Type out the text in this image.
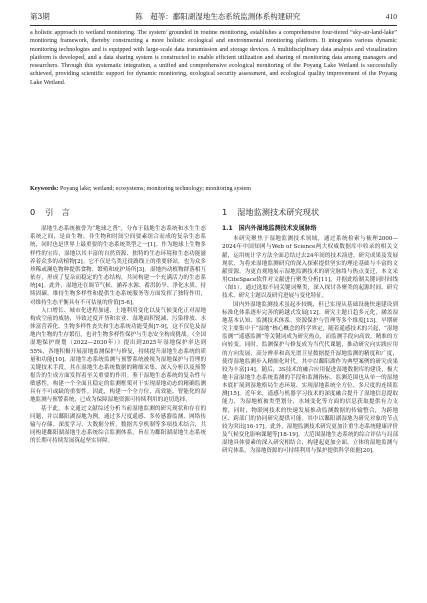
第3期	陈　超等：鄱阳湖湿地生态系统监测体系构建研究	410

a holistic approach to wetland monitoring. The system' grounded in routine monitoring, establishes a comprehensive four-tiered “sky-air-land-lake” monitoring framework, thereby constructing a more holistic ecological and environmental monitoring platform. It integrates various dynamic monitoring technologies and is equipped with large-scale data transmission and storage devices. A multidisciplinary data analysis and visualization platform is developed, and a data sharing system is constructed to enable efficient utilization and sharing of monitoring data among managers and researchers. Through this systematic integration, a unified and comprehensive ecological monitoring of the Poyang Lake Wetland is successfully achieved, providing scientific support for dynamic monitoring, ecological security assessment, and ecological quality improvement of the Poyang Lake Wetland.

Keywords: Poyang lake; wetland; ecosystems; monitoring technology; monitoring system

0 引　言

湿地生态系统被誉为“地球之肾”，分布于陆地生态系统和水生生态系统之间，是由生物、非生物和时间空间要素组合而成的复杂生态系统，同时也是世界上最重要的生态系统类型之一[1]。作为地球上生物多样性的宝库，湿地以其丰富的自然资源、独特的生态环境和生态功能滋养着众多的动植物[2]。它不仅是鸟类迁徙路线上的重要驿站，也为众多珍稀或濒危物种提供食物、繁殖和庇护场所[3]。湿地内动植物群落相互依存，形成了复杂而稳定的生态结构，共同构建一个充满活力的生态系统[4]。此外，湿地还在调节气候、涵养水源、蓄洪防旱、净化水质、持续固碳、维持生物多样性和提供生态系统服务等方面发挥了独特作用，对维持生态平衡具有不可估量的价值[5-6]。

人口增长、城市化进程加速、土地利用变化以及气候变化正对湿地构成空前的威胁，导致过度开垦和农业、湿地面积锐减、污染排放、水体富营养化、生物多样性丧失和生态系统功能受损[7-9]，这不仅危及湿地内生物的生存繁衍，也对生物多样性保护与生态安全构成挑战。《全国湿地保护规划（2022—2030年）》提出到2025年湿地保护率达到55%，各地积极开展湿地监测保护与修复，持续提升湿地生态系统的质量和功能[10]。湿地生态系统监测与预警系统被视为湿地保护与管理的关键技术手段，其在湿地生态系统数据的精细采集、深入分析以及预警报告的生成方面发挥着至关重要的作用。鉴于湿地生态系统的复杂性与敏感性，构建一个全面且稳定的监测框架对于实现湿地动态的精确监测具有不可或缺的重要性。因此，构建一个全方位、高效能、智能化的湿地监测与预警系统，已成为保障湿地资源可持续利用的迫切选择。

基于此，本文通过文献综述分析当前湿地监测的研究现状和存在的问题，并以鄱阳湖湿地为例，通过多尺度遥感、多传感器监测、网络传输与存储、深度学习、大数据分析、数据共享机制等多项技术结合，共同构建鄱阳湖湿地生态系统综合监测体系，旨在为鄱阳湖湿地生态系统的长期可持续发展筑起坚实屏障。

1 湿地监测技术研究现状
1.1　国内外湿地监测技术发展脉络

本研究聚焦于湿地监测技术领域，通过系统检索与梳理2000—2024年中国知网与Web of Science两大权威数据库中收录的相关文献，运用统计学方法全面总结过去24年间的技术演进、研究成果及发展现状，为将来湿地监测研究的深入探索提供坚实的理论基础与丰富的文献资源。为更直观地展示湿地监测技术的研究脉络与热点变迁，本文采用CiteSpace软件对文献进行聚类分析[11]，并据此绘制关键词时间线（图1）。通过选取不同关键词聚类，深入探讨各聚类的起源时间、研究技术、研究主题以及研究进展与变化特征。

国内外湿地监测技术虽起步较晚，但已实现从基础设施快速建设到标准化体系逐步完善的跨越式发展[12]。研究主题日趋多元化，涵盖湿地基本认知、监测技术体系、资源保护与管理等多个维度[13]。早期研究主要集中于“湿地”核心概念的科学界定，随着遥感技术的兴起，“湿地监测”“遥感监测”等关键词成为研究热点，而监测手段向高效、精准的方向转变。同时，监测保护与修复成为当代代课题，推动研究向实践应用的方向发展，高分辨率和高光谱卫星数据提升湿地监测的精度和广度，使得湿地监测步入精细化时代。其中以鄱阳湖作为典型案例的研究成果较为丰富[14]。随后，3S技术的融合应用促进湿地数据库的建设，极大地丰富湿地生态系统监测的手段和监测指标。监测范围也从单一的湿地本底扩展到湿地格局生态环境、实现湿地系统全方位、多尺度的连续监测[15]。近年来，遥感与机器学习技术的深度融合提升了湿地信息提取能力，为湿地植被类型划分、水域变化等方面的信息获取提供有力支撑，同时，物联网技术的快速发展推动监测数据的传输整合，为跨地区、跨部门的协同研究提供可能。其中以鄱阳湖湿地为研究对象的节点较为突出[16-17]。此外，湿地监测技术研究更加注重生态系统健康评价及气候变化影响课题等[18-19]。大范围湿地生态系统的综合评估与局部湿地具体要素的深入研究相结合，构建起更加全面、立体的湿地监测与研究体系，为湿地资源的可持续利用与保护提供科学依据[20]。
